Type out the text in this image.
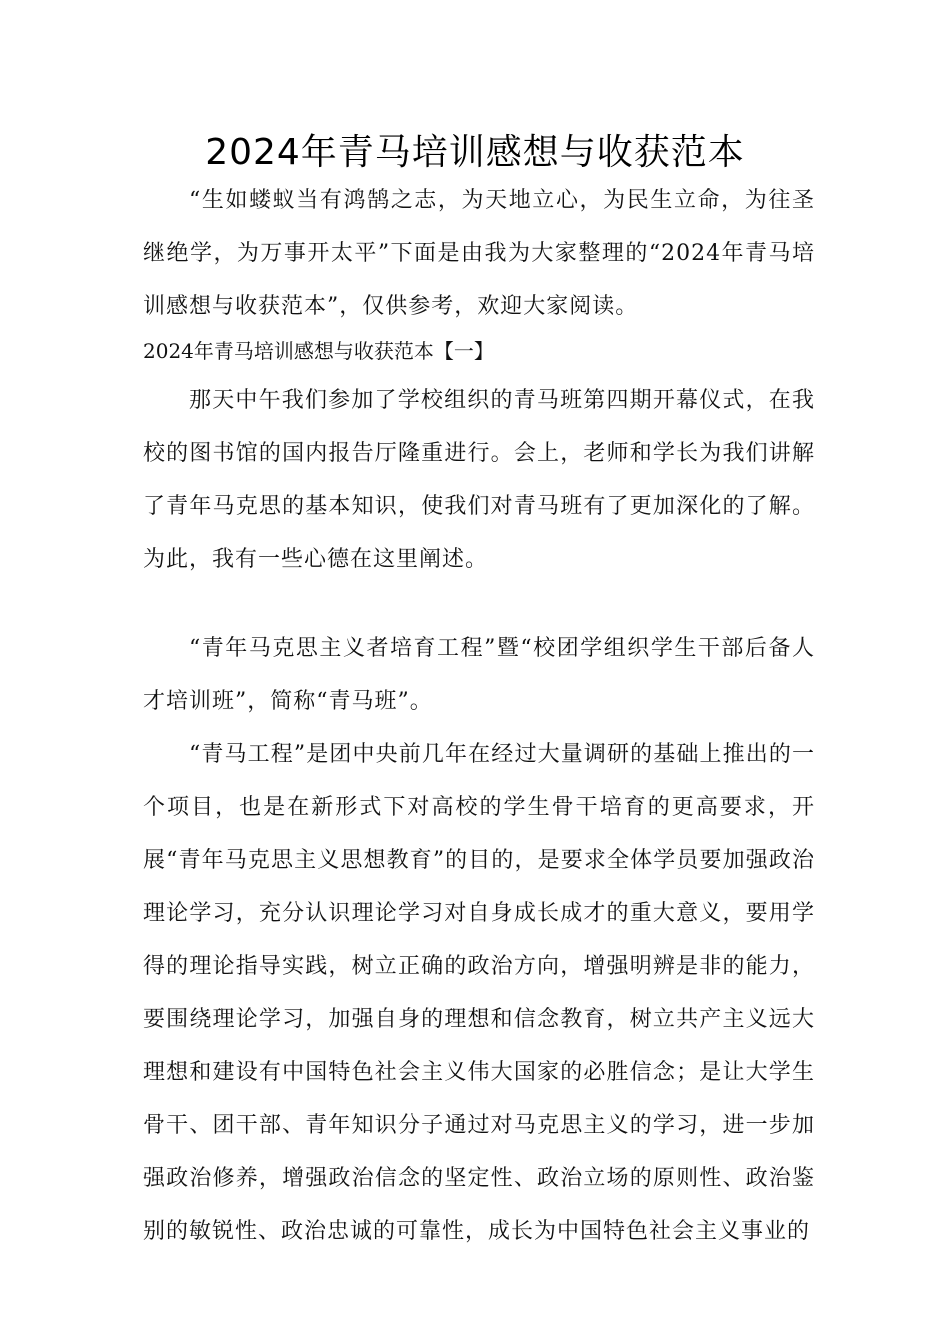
2024年青马培训感想与收获范本

“生如蝼蚁当有鸿鹄之志，为天地立心，为民生立命，为往圣继绝学，为万事开太平”下面是由我为大家整理的“2024年青马培训感想与收获范本”，仅供参考，欢迎大家阅读。

2024年青马培训感想与收获范本【一】

那天中午我们参加了学校组织的青马班第四期开幕仪式，在我校的图书馆的国内报告厅隆重进行。会上，老师和学长为我们讲解了青年马克思的基本知识，使我们对青马班有了更加深化的了解。为此，我有一些心德在这里阐述。

“青年马克思主义者培育工程”暨“校团学组织学生干部后备人才培训班”，简称“青马班”。

“青马工程”是团中央前几年在经过大量调研的基础上推出的一个项目，也是在新形式下对高校的学生骨干培育的更高要求，开展“青年马克思主义思想教育”的目的，是要求全体学员要加强政治理论学习，充分认识理论学习对自身成长成才的重大意义，要用学得的理论指导实践，树立正确的政治方向，增强明辨是非的能力，要围绕理论学习，加强自身的理想和信念教育，树立共产主义远大理想和建设有中国特色社会主义伟大国家的必胜信念；是让大学生骨干、团干部、青年知识分子通过对马克思主义的学习，进一步加强政治修养，增强政治信念的坚定性、政治立场的原则性、政治鉴别的敏锐性、政治忠诚的可靠性，成长为中国特色社会主义事业的
